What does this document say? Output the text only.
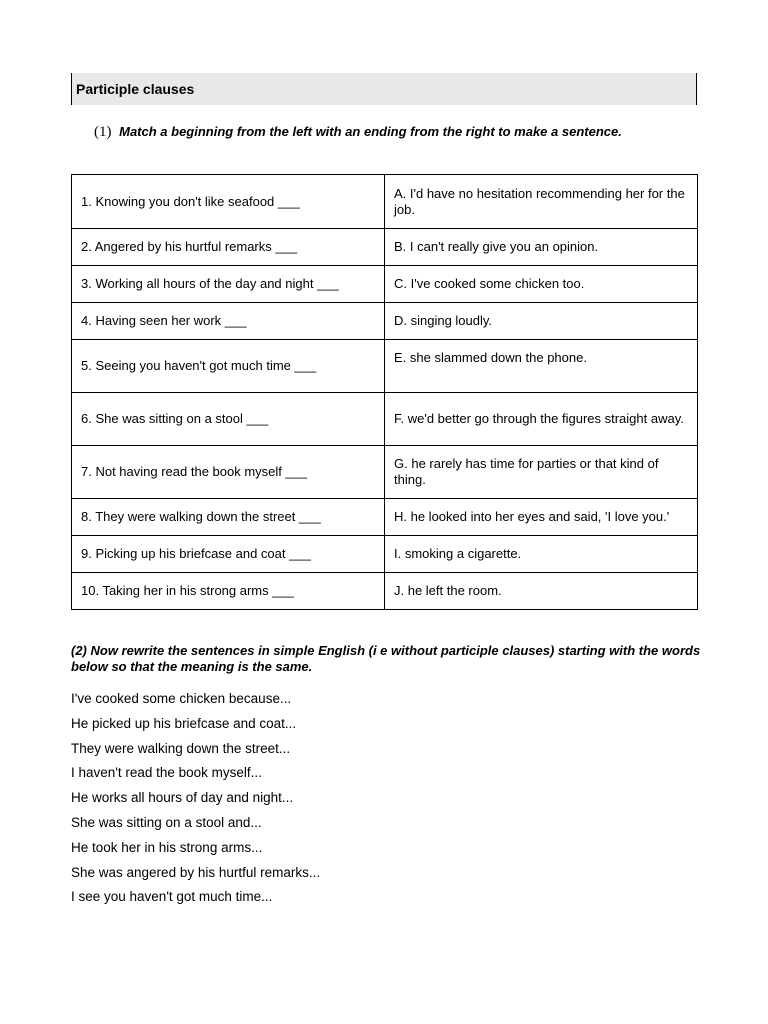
Participle clauses
(1) Match a beginning from the left with an ending from the right to make a sentence.
1. Knowing you don't like seafood ___	A. I'd have no hesitation recommending her for the job.
2. Angered by his hurtful remarks ___	B. I can't really give you an opinion.
3. Working all hours of the day and night ___	C. I've cooked some chicken too.
4. Having seen her work ___	D. singing loudly.
5. Seeing you haven't got much time ___	E. she slammed down the phone.
6. She was sitting on a stool ___	F. we'd better go through the figures straight away.
7. Not having read the book myself ___	G. he rarely has time for parties or that kind of thing.
8. They were walking down the street ___	H. he looked into her eyes and said, 'I love you.'
9. Picking up his briefcase and coat ___	I. smoking a cigarette.
10. Taking her in his strong arms ___	J. he left the room.
(2) Now rewrite the sentences in simple English (i e without participle clauses) starting with the words below so that the meaning is the same.
I've cooked some chicken because...
He picked up his briefcase and coat...
They were walking down the street...
I haven't read the book myself...
He works all hours of day and night...
She was sitting on a stool and...
He took her in his strong arms...
She was angered by his hurtful remarks...
I see you haven't got much time...
